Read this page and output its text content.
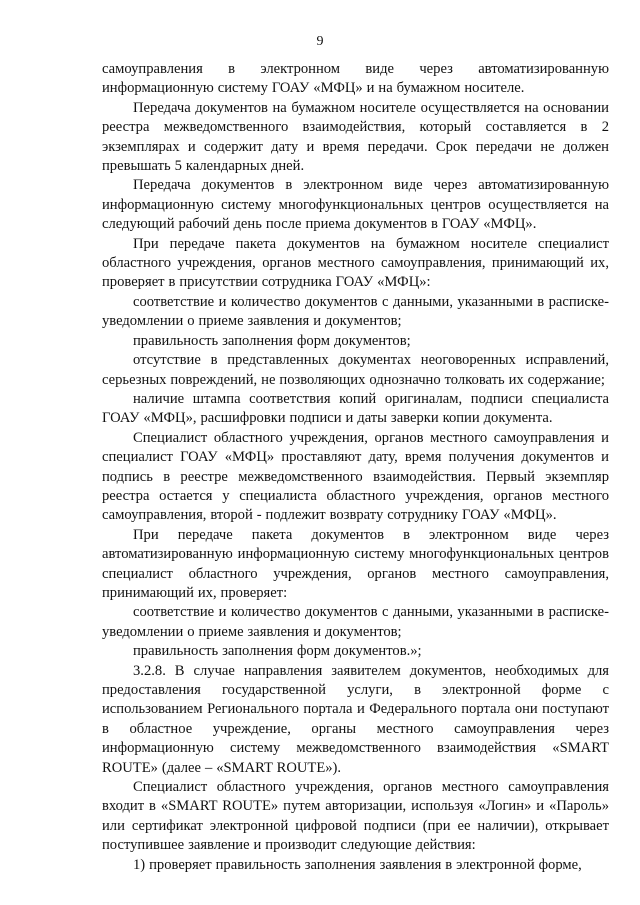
9

самоуправления в электронном виде через автоматизированную информационную систему ГОАУ «МФЦ» и на бумажном носителе.

Передача документов на бумажном носителе осуществляется на основании реестра межведомственного взаимодействия, который составляется в 2 экземплярах и содержит дату и время передачи. Срок передачи не должен превышать 5 календарных дней.

Передача документов в электронном виде через автоматизированную информационную систему многофункциональных центров осуществляется на следующий рабочий день после приема документов в ГОАУ «МФЦ».

При передаче пакета документов на бумажном носителе специалист областного учреждения, органов местного самоуправления, принимающий их, проверяет в присутствии сотрудника ГОАУ «МФЦ»:

соответствие и количество документов с данными, указанными в расписке-уведомлении о приеме заявления и документов;

правильность заполнения форм документов;

отсутствие в представленных документах неоговоренных исправлений, серьезных повреждений, не позволяющих однозначно толковать их содержание;

наличие штампа соответствия копий оригиналам, подписи специалиста ГОАУ «МФЦ», расшифровки подписи и даты заверки копии документа.

Специалист областного учреждения, органов местного самоуправления и специалист ГОАУ «МФЦ» проставляют дату, время получения документов и подпись в реестре межведомственного взаимодействия. Первый экземпляр реестра остается у специалиста областного учреждения, органов местного самоуправления, второй - подлежит возврату сотруднику ГОАУ «МФЦ».

При передаче пакета документов в электронном виде через автоматизированную информационную систему многофункциональных центров специалист областного учреждения, органов местного самоуправления, принимающий их, проверяет:

соответствие и количество документов с данными, указанными в расписке-уведомлении о приеме заявления и документов;

правильность заполнения форм документов.»;

3.2.8. В случае направления заявителем документов, необходимых для предоставления государственной услуги, в электронной форме с использованием Регионального портала и Федерального портала они поступают в областное учреждение, органы местного самоуправления через информационную систему межведомственного взаимодействия «SMART ROUTE» (далее – «SMART ROUTE»).

Специалист областного учреждения, органов местного самоуправления входит в «SMART ROUTE» путем авторизации, используя «Логин» и «Пароль» или сертификат электронной цифровой подписи (при ее наличии), открывает поступившее заявление и производит следующие действия:

1) проверяет правильность заполнения заявления в электронной форме,
